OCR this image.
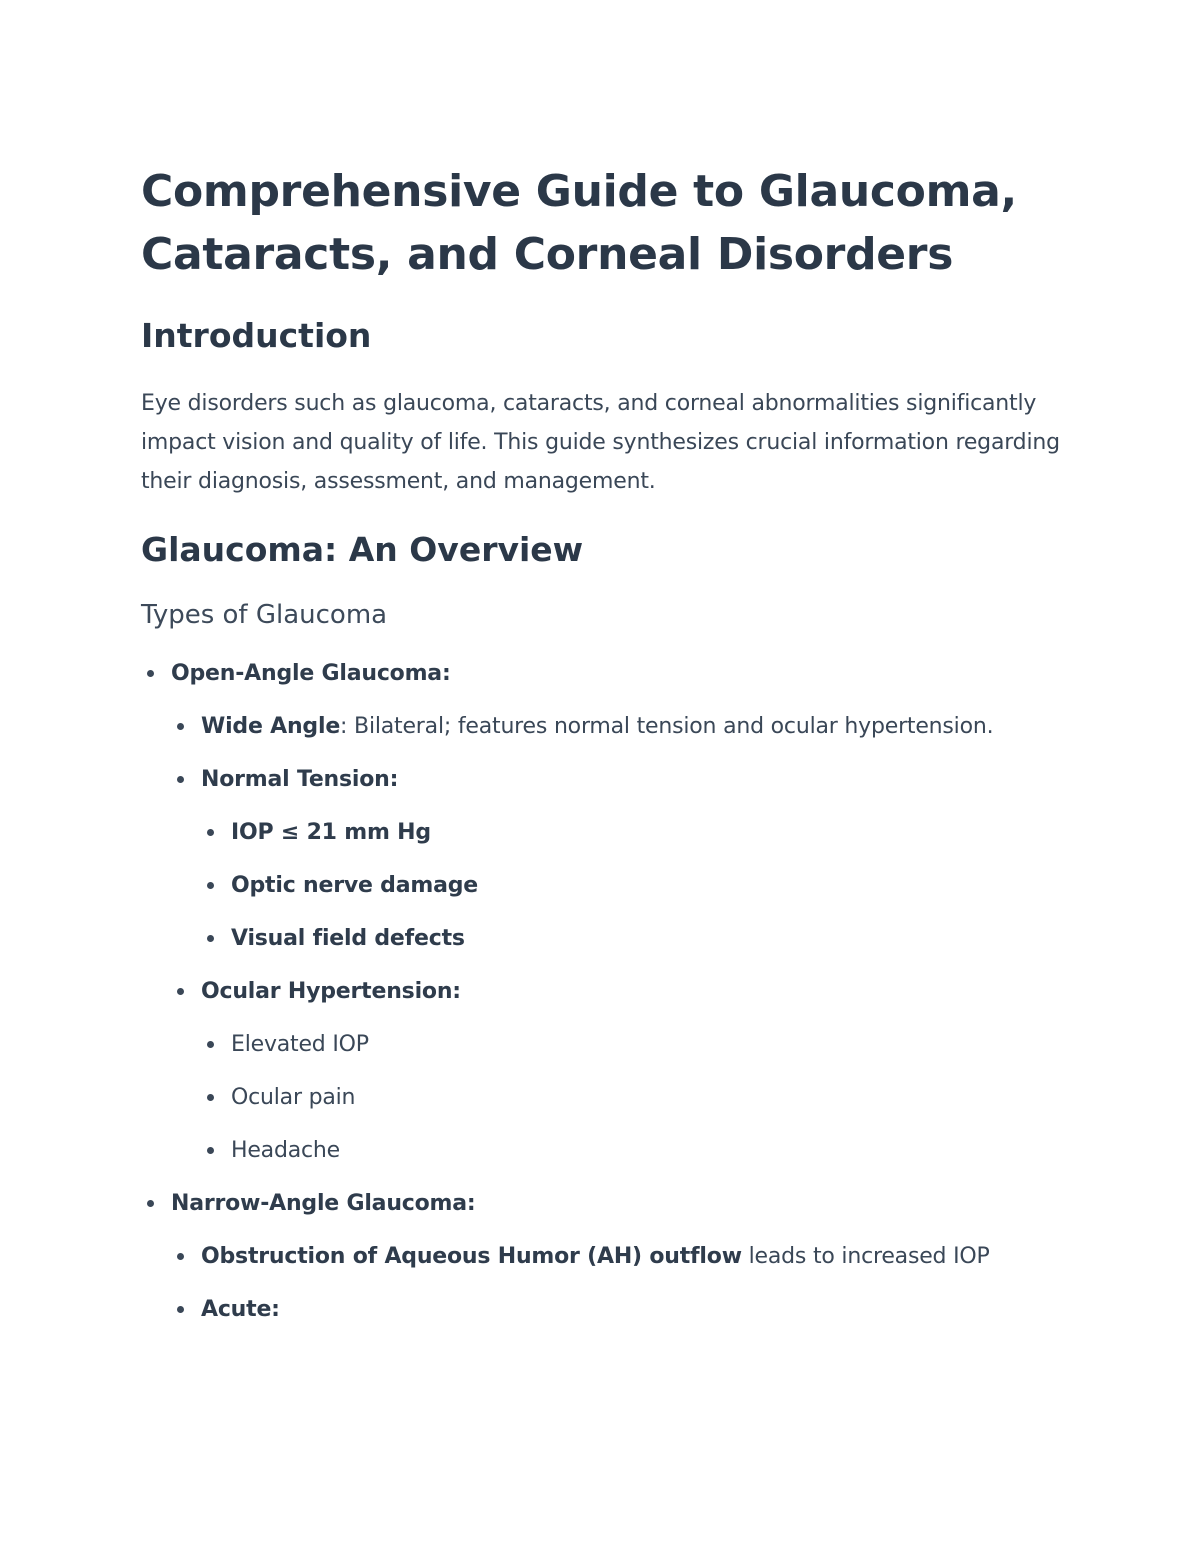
Comprehensive Guide to Glaucoma, Cataracts, and Corneal Disorders
Introduction

Eye disorders such as glaucoma, cataracts, and corneal abnormalities significantly impact vision and quality of life. This guide synthesizes crucial information regarding their diagnosis, assessment, and management.

Glaucoma: An Overview
Types of Glaucoma
Open-Angle Glaucoma:
Wide Angle: Bilateral; features normal tension and ocular hypertension.
Normal Tension:
IOP ≤ 21 mm Hg
Optic nerve damage
Visual field defects
Ocular Hypertension:
Elevated IOP
Ocular pain
Headache
Narrow-Angle Glaucoma:
Obstruction of Aqueous Humor (AH) outflow leads to increased IOP
Acute:
